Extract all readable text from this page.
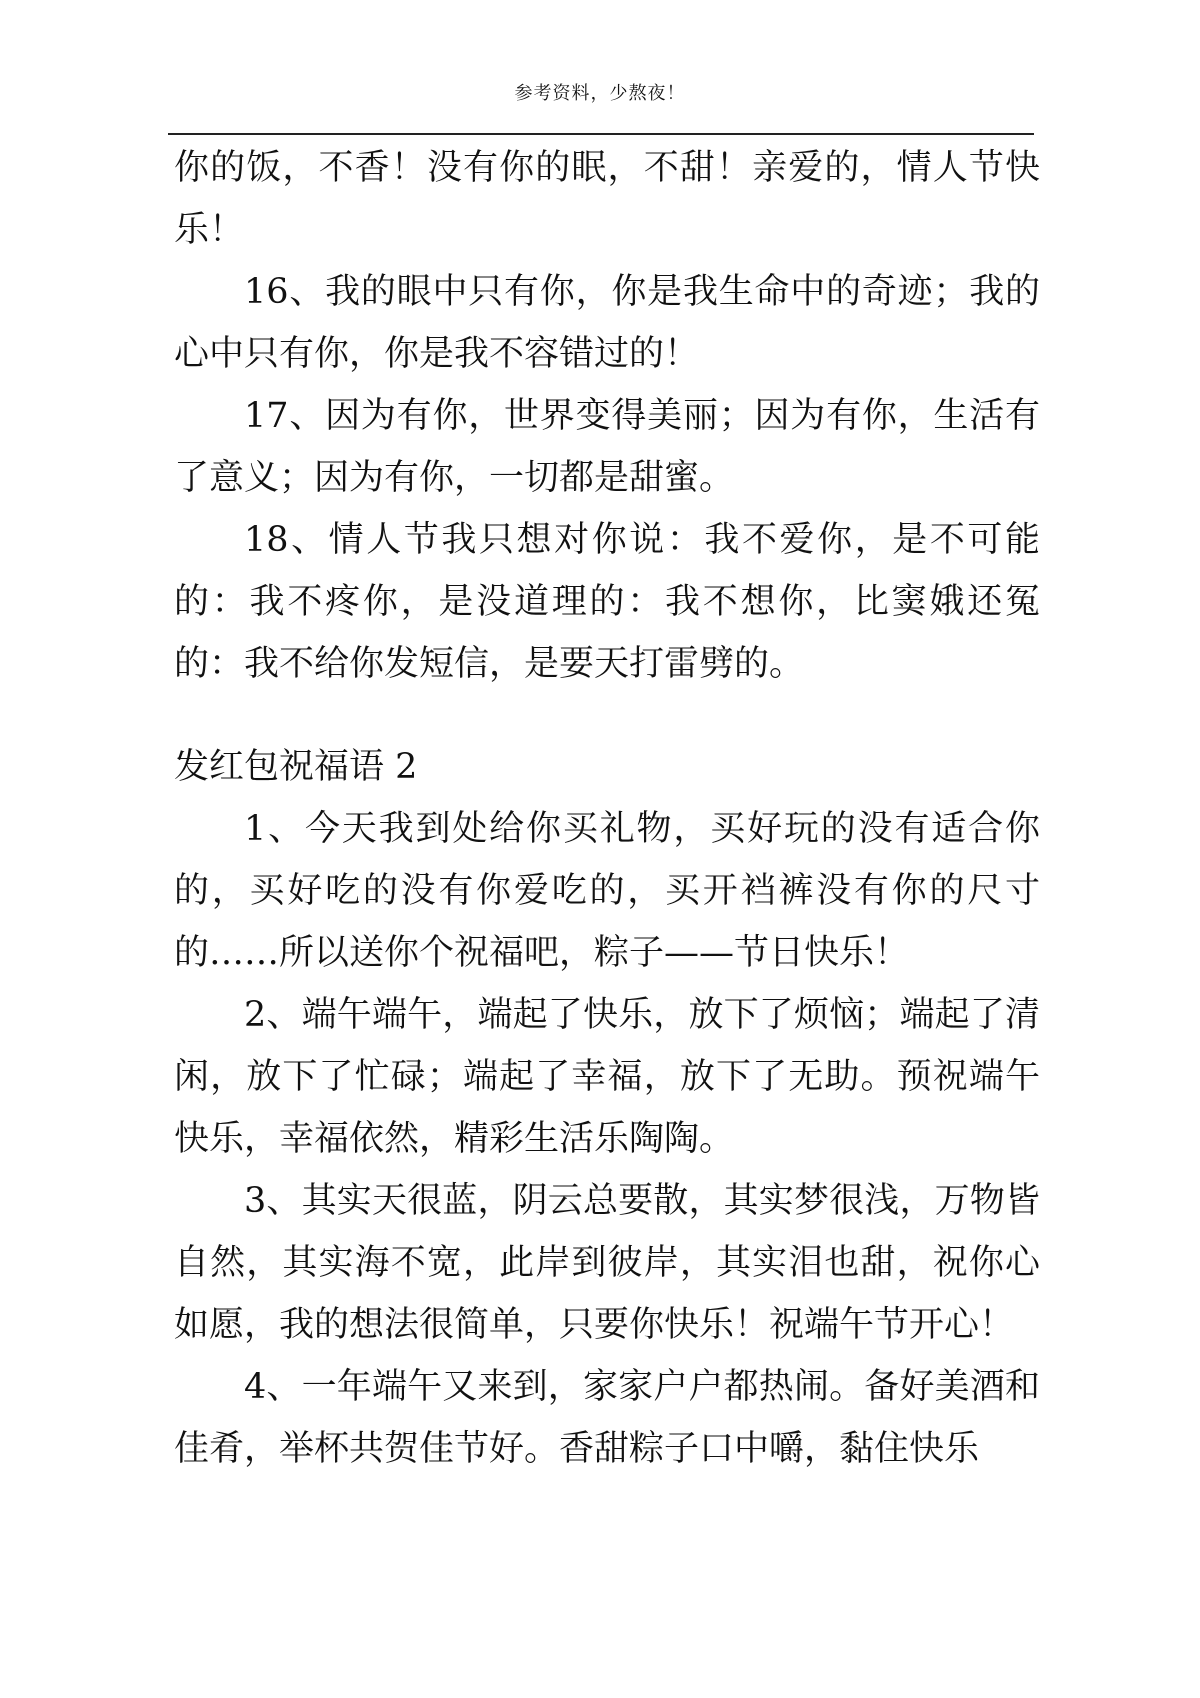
参考资料，少熬夜！

你的饭，不香！没有你的眠，不甜！亲爱的，情人节快乐！

16、我的眼中只有你，你是我生命中的奇迹；我的心中只有你，你是我不容错过的！

17、因为有你，世界变得美丽；因为有你，生活有了意义；因为有你，一切都是甜蜜。

18、情人节我只想对你说：我不爱你，是不可能的：我不疼你，是没道理的：我不想你，比窦娥还冤的：我不给你发短信，是要天打雷劈的。

发红包祝福语 2

1、今天我到处给你买礼物，买好玩的没有适合你的，买好吃的没有你爱吃的，买开裆裤没有你的尺寸的……所以送你个祝福吧，粽子——节日快乐！

2、端午端午，端起了快乐，放下了烦恼；端起了清闲，放下了忙碌；端起了幸福，放下了无助。预祝端午快乐，幸福依然，精彩生活乐陶陶。

3、其实天很蓝，阴云总要散，其实梦很浅，万物皆自然，其实海不宽，此岸到彼岸，其实泪也甜，祝你心如愿，我的想法很简单，只要你快乐！祝端午节开心！

4、一年端午又来到，家家户户都热闹。备好美酒和佳肴，举杯共贺佳节好。香甜粽子口中嚼，黏住快乐
